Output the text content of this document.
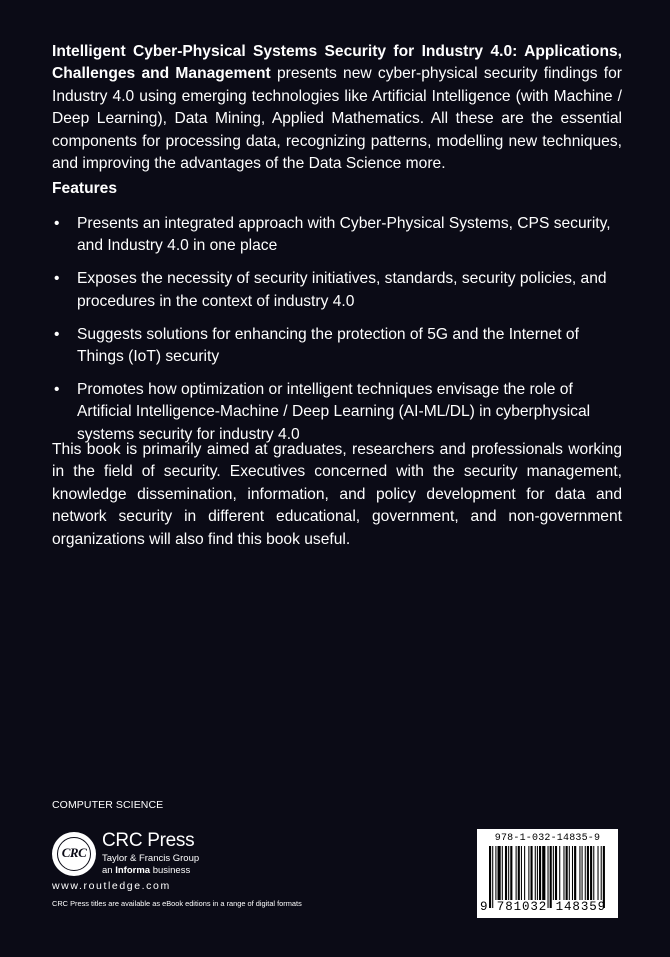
Intelligent Cyber-Physical Systems Security for Industry 4.0: Applications, Challenges and Management presents new cyber-physical security findings for Industry 4.0 using emerging technologies like Artificial Intelligence (with Machine / Deep Learning), Data Mining, Applied Mathematics. All these are the essential components for processing data, recognizing patterns, modelling new techniques, and improving the advantages of the Data Science more.
Features
• Presents an integrated approach with Cyber-Physical Systems, CPS security, and Industry 4.0 in one place
• Exposes the necessity of security initiatives, standards, security policies, and procedures in the context of industry 4.0
• Suggests solutions for enhancing the protection of 5G and the Internet of Things (IoT) security
• Promotes how optimization or intelligent techniques envisage the role of Artificial Intelligence-Machine / Deep Learning (AI-ML/DL) in cyberphysical systems security for industry 4.0
This book is primarily aimed at graduates, researchers and professionals working in the field of security. Executives concerned with the security management, knowledge dissemination, information, and policy development for data and network security in different educational, government, and non-government organizations will also find this book useful.
COMPUTER SCIENCE
CRC
CRC Press
Taylor & Francis Group
an Informa business
www.routledge.com
CRC Press titles are available as eBook editions in a range of digital formats
978-1-032-14835-9
9 781032 148359
